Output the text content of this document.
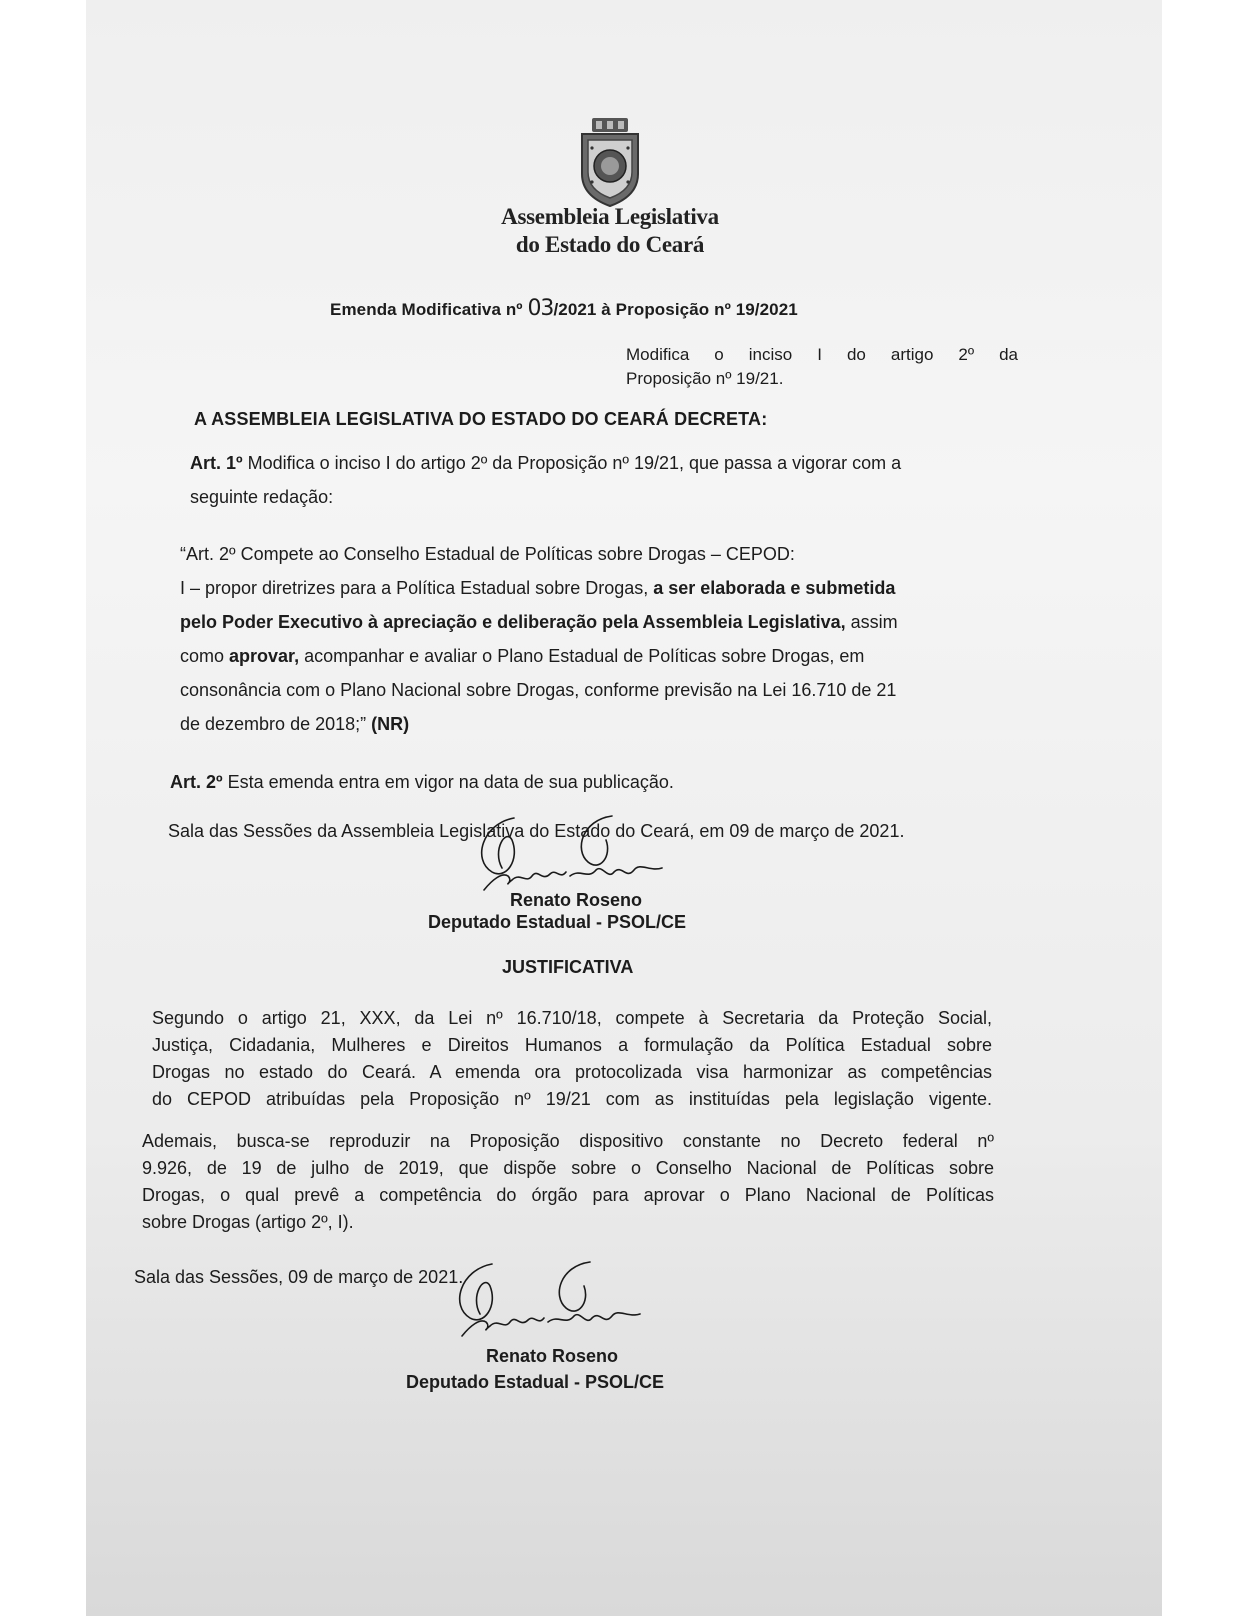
Assembleia Legislativa
do Estado do Ceará
Emenda Modificativa nº 03/2021 à Proposição nº 19/2021
Modifica o inciso I do artigo 2º da
Proposição nº 19/21.
A ASSEMBLEIA LEGISLATIVA DO ESTADO DO CEARÁ DECRETA:
Art. 1º Modifica o inciso I do artigo 2º da Proposição nº 19/21, que passa a vigorar com a
seguinte redação:
“Art. 2º Compete ao Conselho Estadual de Políticas sobre Drogas – CEPOD:
I – propor diretrizes para a Política Estadual sobre Drogas, a ser elaborada e submetida
pelo Poder Executivo à apreciação e deliberação pela Assembleia Legislativa, assim
como aprovar, acompanhar e avaliar o Plano Estadual de Políticas sobre Drogas, em
consonância com o Plano Nacional sobre Drogas, conforme previsão na Lei 16.710 de 21
de dezembro de 2018;” (NR)
Art. 2º Esta emenda entra em vigor na data de sua publicação.
Sala das Sessões da Assembleia Legislativa do Estado do Ceará, em 09 de março de 2021.
Renato Roseno
Deputado Estadual - PSOL/CE
JUSTIFICATIVA
Segundo o artigo 21, XXX, da Lei nº 16.710/18, compete à Secretaria da Proteção Social,
Justiça, Cidadania, Mulheres e Direitos Humanos a formulação da Política Estadual sobre
Drogas no estado do Ceará. A emenda ora protocolizada visa harmonizar as competências
do CEPOD atribuídas pela Proposição nº 19/21 com as instituídas pela legislação vigente.
Ademais, busca-se reproduzir na Proposição dispositivo constante no Decreto federal nº
9.926, de 19 de julho de 2019, que dispõe sobre o Conselho Nacional de Políticas sobre
Drogas, o qual prevê a competência do órgão para aprovar o Plano Nacional de Políticas
sobre Drogas (artigo 2º, I).
Sala das Sessões, 09 de março de 2021.
Renato Roseno
Deputado Estadual - PSOL/CE
